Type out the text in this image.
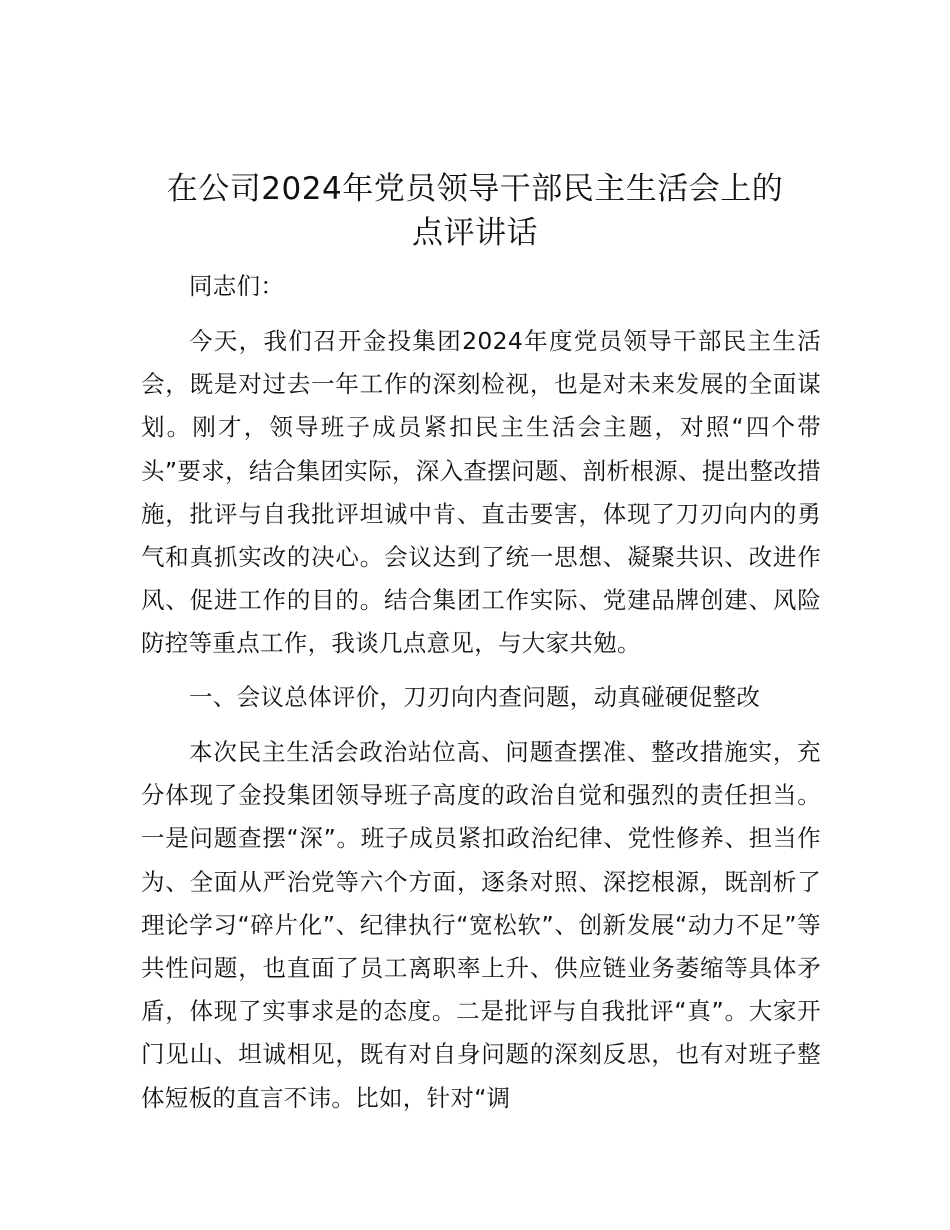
在公司2024年党员领导干部民主生活会上的
点评讲话

同志们：

今天，我们召开金投集团2024年度党员领导干部民主生活会，既是对过去一年工作的深刻检视，也是对未来发展的全面谋划。刚才，领导班子成员紧扣民主生活会主题，对照“四个带头”要求，结合集团实际，深入查摆问题、剖析根源、提出整改措施，批评与自我批评坦诚中肯、直击要害，体现了刀刃向内的勇气和真抓实改的决心。会议达到了统一思想、凝聚共识、改进作风、促进工作的目的。结合集团工作实际、党建品牌创建、风险防控等重点工作，我谈几点意见，与大家共勉。

一、会议总体评价，刀刃向内查问题，动真碰硬促整改

本次民主生活会政治站位高、问题查摆准、整改措施实，充分体现了金投集团领导班子高度的政治自觉和强烈的责任担当。一是问题查摆“深”。班子成员紧扣政治纪律、党性修养、担当作为、全面从严治党等六个方面，逐条对照、深挖根源，既剖析了理论学习“碎片化”、纪律执行“宽松软”、创新发展“动力不足”等共性问题，也直面了员工离职率上升、供应链业务萎缩等具体矛盾，体现了实事求是的态度。二是批评与自我批评“真”。大家开门见山、坦诚相见，既有对自身问题的深刻反思，也有对班子整体短板的直言不讳。比如，针对“调
